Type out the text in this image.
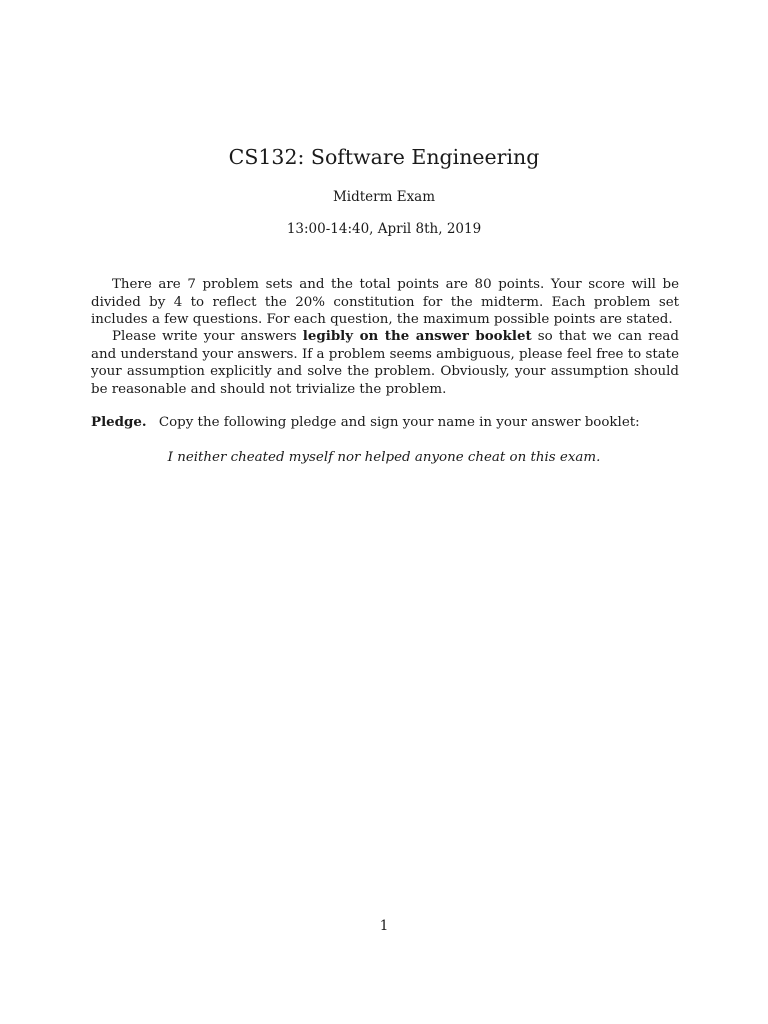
CS132: Software Engineering
Midterm Exam
13:00-14:40, April 8th, 2019

There are 7 problem sets and the total points are 80 points. Your score will be divided by 4 to reflect the 20% constitution for the midterm. Each problem set includes a few questions. For each question, the maximum possible points are stated.

Please write your answers legibly on the answer booklet so that we can read and understand your answers. If a problem seems ambiguous, please feel free to state your assumption explicitly and solve the problem. Obviously, your assumption should be reasonable and should not trivialize the problem.

Pledge. Copy the following pledge and sign your name in your answer booklet:

I neither cheated myself nor helped anyone cheat on this exam.
1
